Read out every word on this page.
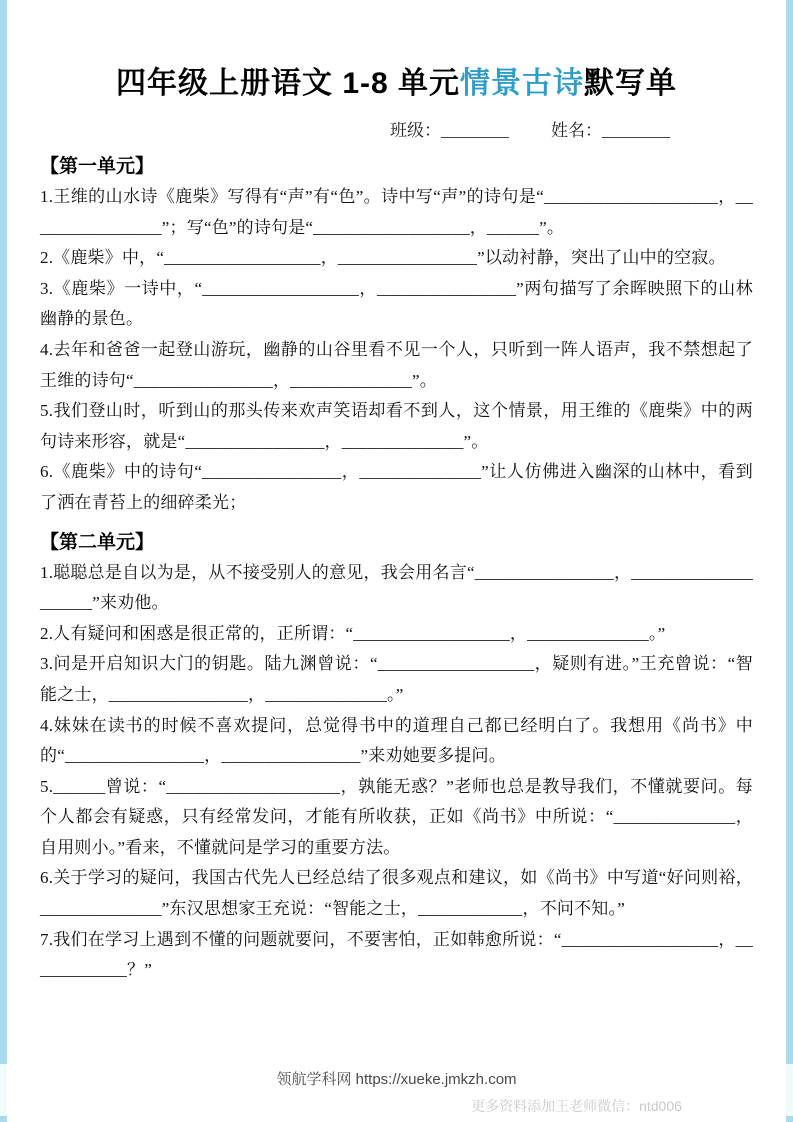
四年级上册语文 1-8 单元情景古诗默写单
班级：________ 姓名：________
【第一单元】

1.王维的山水诗《鹿柴》写得有“声”有“色”。诗中写“声”的诗句是“____________________，________________”；写“色”的诗句是“__________________，______”。

2.《鹿柴》中，“__________________，________________”以动衬静，突出了山中的空寂。

3.《鹿柴》一诗中，“__________________，________________”两句描写了余晖映照下的山林幽静的景色。

4.去年和爸爸一起登山游玩，幽静的山谷里看不见一个人，只听到一阵人语声，我不禁想起了王维的诗句“________________，______________”。

5.我们登山时，听到山的那头传来欢声笑语却看不到人，这个情景，用王维的《鹿柴》中的两句诗来形容，就是“________________，______________”。

6.《鹿柴》中的诗句“________________，______________”让人仿佛进入幽深的山林中，看到了洒在青苔上的细碎柔光；

【第二单元】

1.聪聪总是自以为是，从不接受别人的意见，我会用名言“________________，____________________”来劝他。

2.人有疑问和困惑是很正常的，正所谓：“__________________，______________。”

3.问是开启知识大门的钥匙。陆九渊曾说：“__________________，疑则有进。”王充曾说：“智能之士，________________，______________。”

4.妹妹在读书的时候不喜欢提问，总觉得书中的道理自己都已经明白了。我想用《尚书》中的“________________，________________”来劝她要多提问。

5.______曾说：“____________________，孰能无惑？”老师也总是教导我们，不懂就要问。每个人都会有疑惑，只有经常发问，才能有所收获，正如《尚书》中所说：“______________，自用则小。”看来，不懂就问是学习的重要方法。

6.关于学习的疑问，我国古代先人已经总结了很多观点和建议，如《尚书》中写道“好问则裕，______________”东汉思想家王充说：“智能之士，____________，不问不知。”

7.我们在学习上遇到不懂的问题就要问，不要害怕，正如韩愈所说：“__________________，____________？”

领航学科网 https://xueke.jmkzh.com
更多资料添加王老师微信：ntd006
